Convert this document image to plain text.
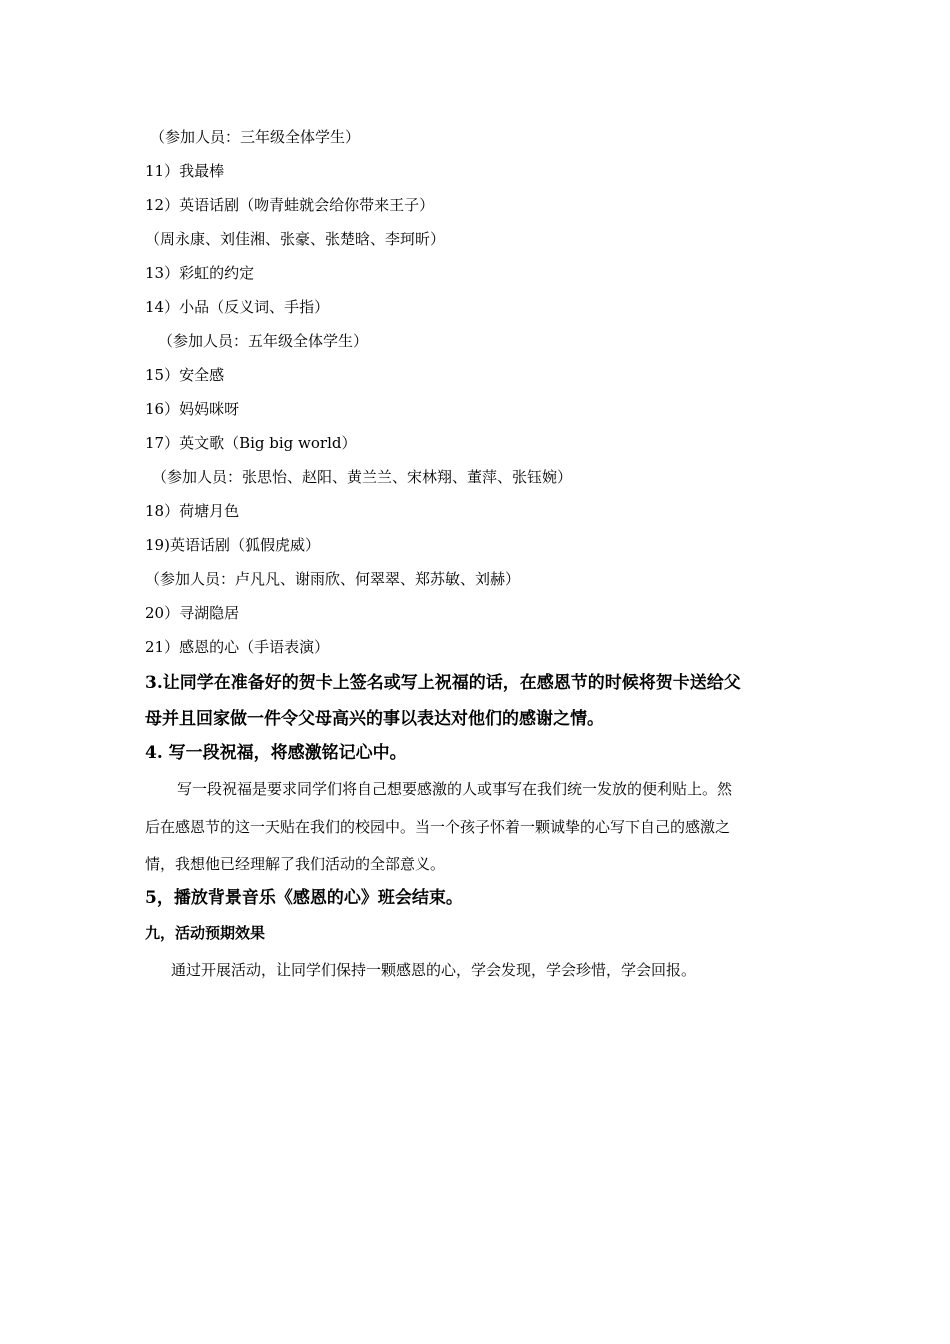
（参加人员：三年级全体学生）
11）我最棒
12）英语话剧（吻青蛙就会给你带来王子）
（周永康、刘佳湘、张豪、张楚晗、李珂昕）
13）彩虹的约定
14）小品（反义词、手指）
（参加人员：五年级全体学生）
15）安全感
16）妈妈咪呀
17）英文歌（Big big world）
（参加人员：张思怡、赵阳、黄兰兰、宋林翔、董萍、张钰婉）
18）荷塘月色
19)英语话剧（狐假虎威）
（参加人员：卢凡凡、谢雨欣、何翠翠、郑苏敏、刘赫）
20）寻湖隐居
21）感恩的心（手语表演）
3.让同学在准备好的贺卡上签名或写上祝福的话，在感恩节的时候将贺卡送给父
母并且回家做一件令父母高兴的事以表达对他们的感谢之情。
4. 写一段祝福，将感激铭记心中。
写一段祝福是要求同学们将自己想要感激的人或事写在我们统一发放的便利贴上。然
后在感恩节的这一天贴在我们的校园中。当一个孩子怀着一颗诚挚的心写下自己的感激之
情，我想他已经理解了我们活动的全部意义。
5，播放背景音乐《感恩的心》班会结束。
九，活动预期效果
通过开展活动，让同学们保持一颗感恩的心，学会发现，学会珍惜，学会回报。
